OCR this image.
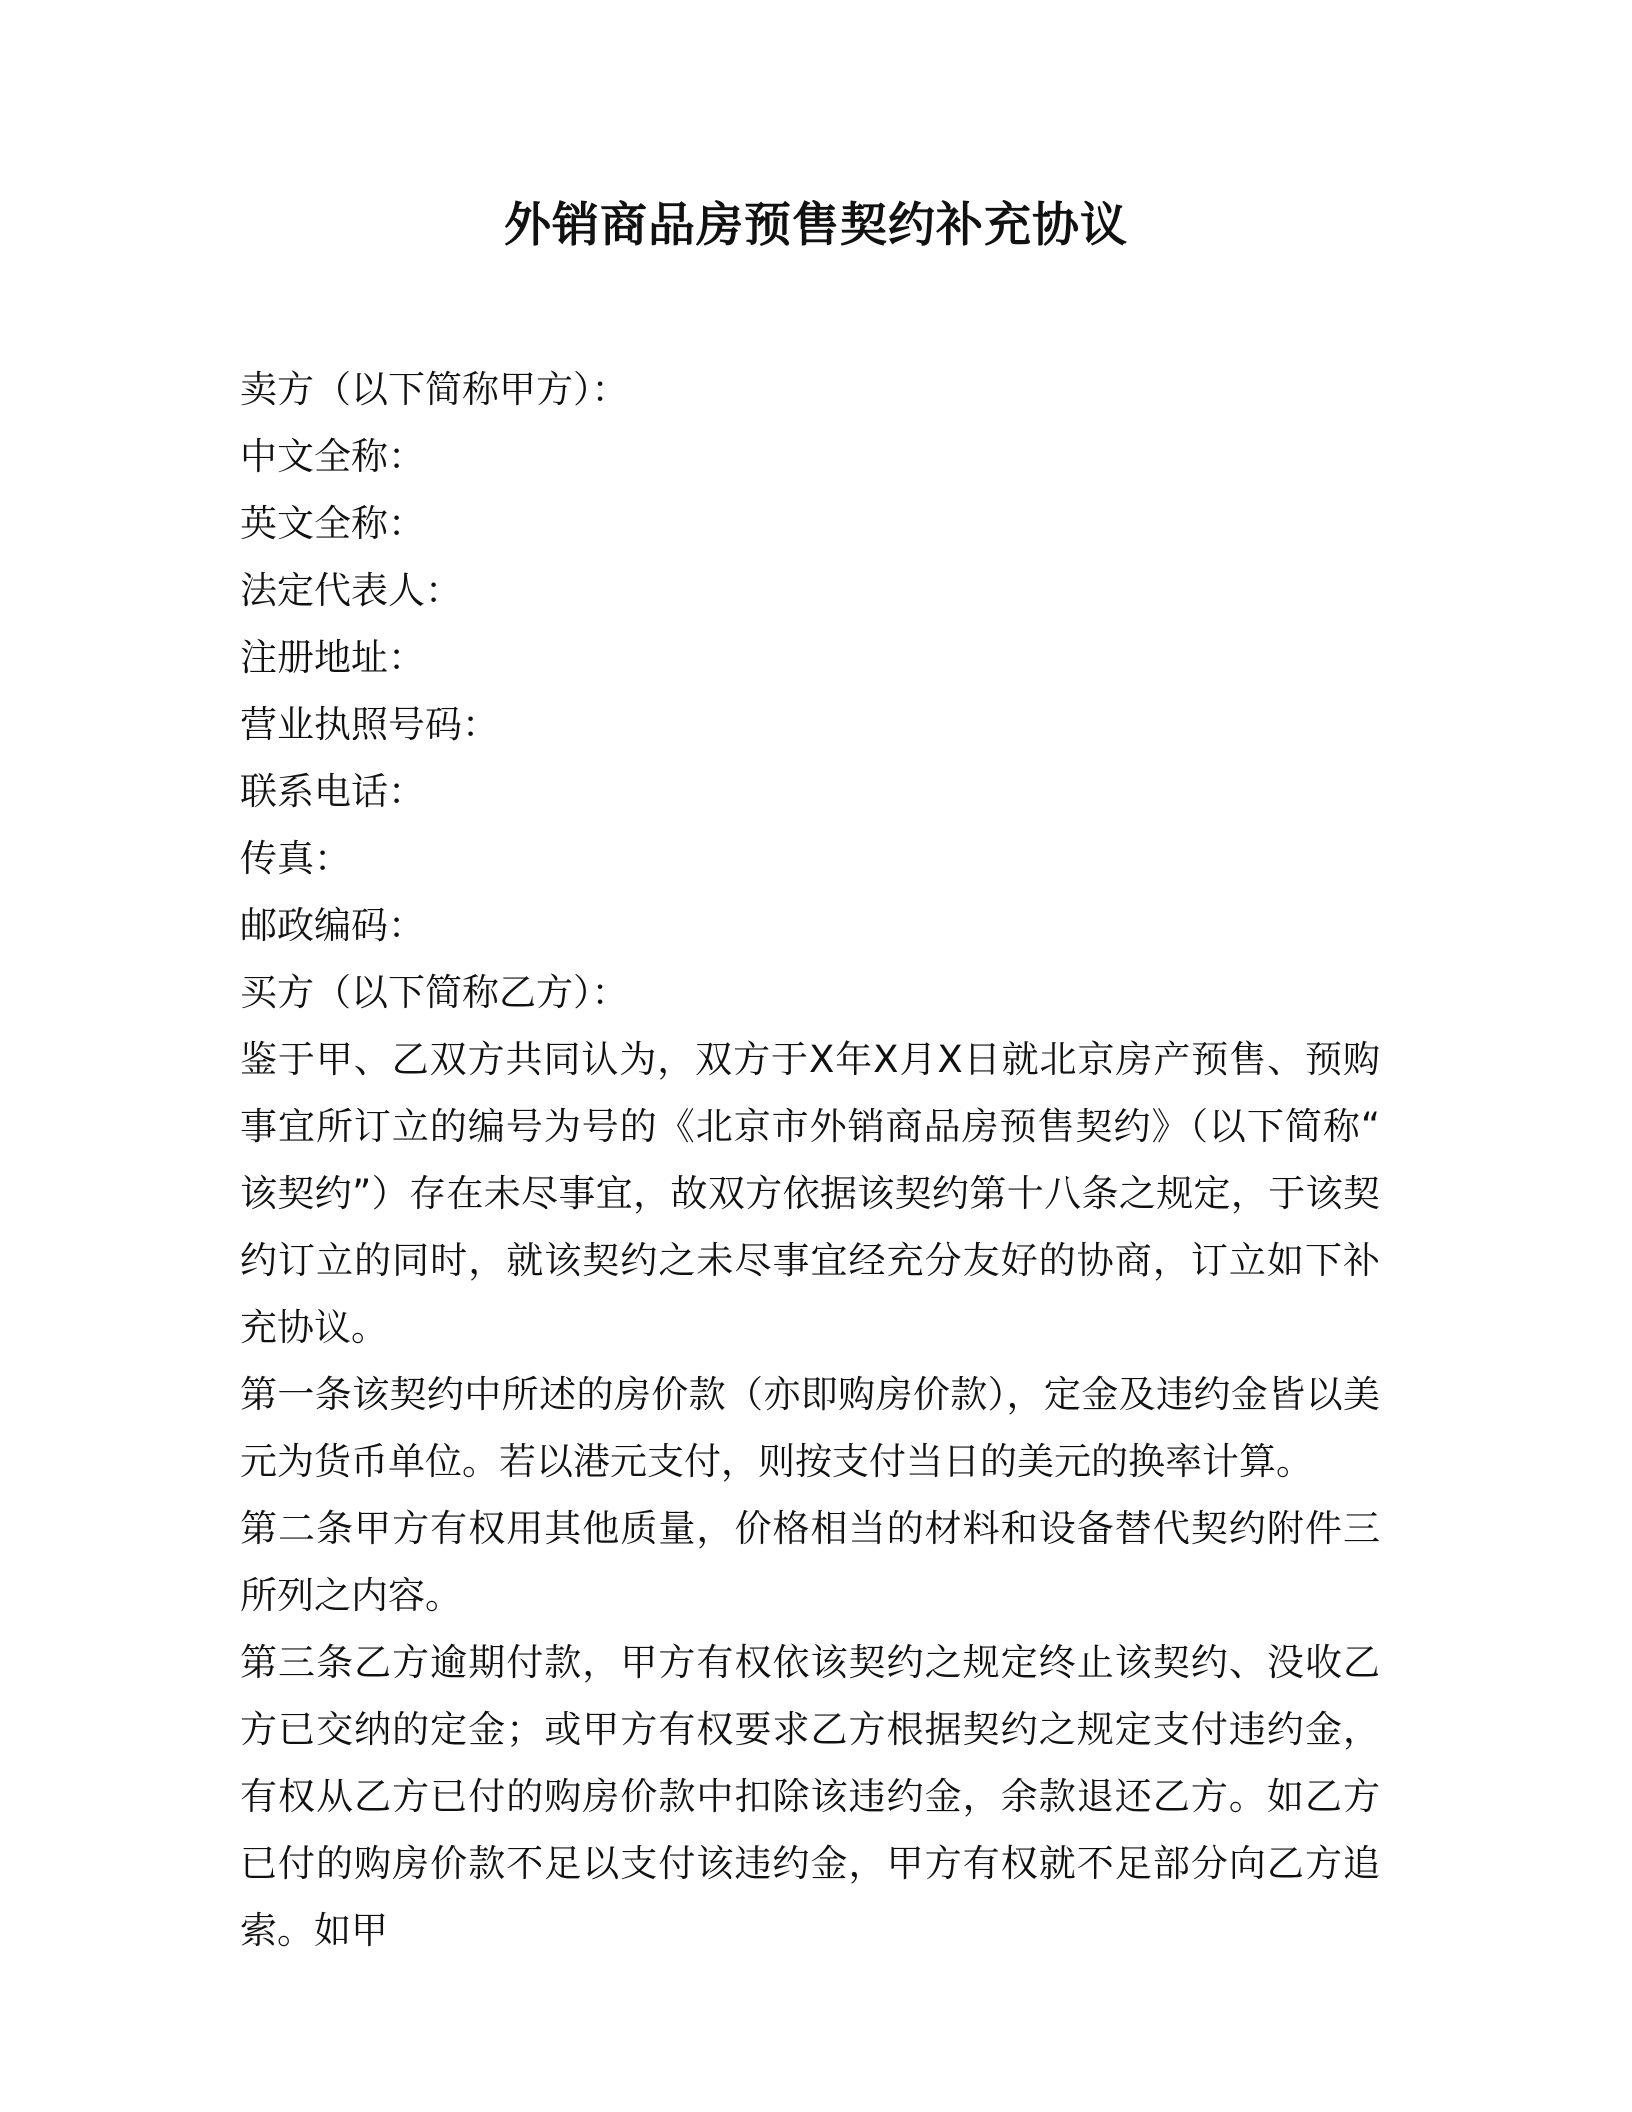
外销商品房预售契约补充协议
卖方（以下简称甲方）：
中文全称：
英文全称：
法定代表人：
注册地址：
营业执照号码：
联系电话：
传真：
邮政编码：
买方（以下简称乙方）：
鉴于甲、乙双方共同认为，双方于X年X月X日就北京房产预售、预购事宜所订立的编号为号的《北京市外销商品房预售契约》（以下简称“该契约”）存在未尽事宜，故双方依据该契约第十八条之规定，于该契约订立的同时，就该契约之未尽事宜经充分友好的协商，订立如下补充协议。
第一条该契约中所述的房价款（亦即购房价款），定金及违约金皆以美元为货币单位。若以港元支付，则按支付当日的美元的换率计算。
第二条甲方有权用其他质量，价格相当的材料和设备替代契约附件三所列之内容。
第三条乙方逾期付款，甲方有权依该契约之规定终止该契约、没收乙方已交纳的定金；或甲方有权要求乙方根据契约之规定支付违约金，有权从乙方已付的购房价款中扣除该违约金，余款退还乙方。如乙方已付的购房价款不足以支付该违约金，甲方有权就不足部分向乙方追索。如甲
